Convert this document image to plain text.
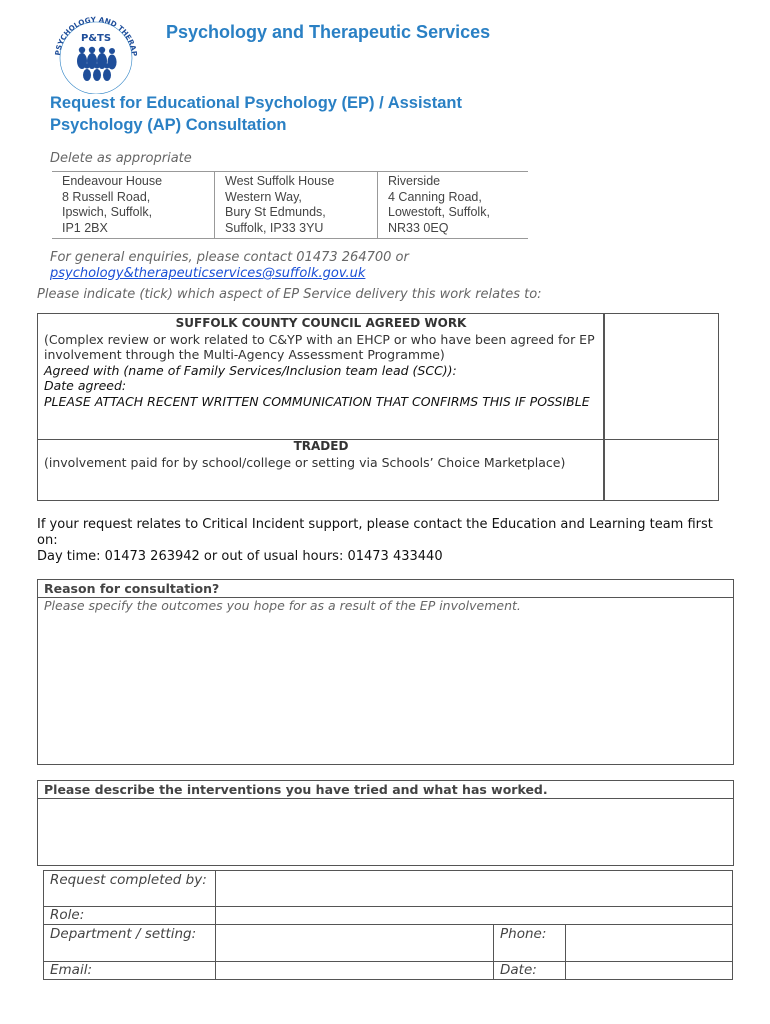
PSYCHOLOGY AND THERAP
P&TS	Psychology and Therapeutic Services
Request for Educational Psychology (EP) / Assistant
Psychology (AP) Consultation
Delete as appropriate
Endeavour House
8 Russell Road,
Ipswich, Suffolk,
IP1 2BX

West Suffolk House
Western Way,
Bury St Edmunds,
Suffolk, IP33 3YU

Riverside
4 Canning Road,
Lowestoft, Suffolk,
NR33 0EQ
For general enquiries, please contact 01473 264700 or
psychology&therapeuticservices@suffolk.gov.uk
Please indicate (tick) which aspect of EP Service delivery this work relates to:
SUFFOLK COUNTY COUNCIL AGREED WORK
(Complex review or work related to C&YP with an EHCP or who have been agreed for EP involvement through the Multi-Agency Assessment Programme)
Agreed with (name of Family Services/Inclusion team lead (SCC)):
Date agreed:
PLEASE ATTACH RECENT WRITTEN COMMUNICATION THAT CONFIRMS THIS IF POSSIBLE
TRADED
(involvement paid for by school/college or setting via Schools’ Choice Marketplace)
If your request relates to Critical Incident support, please contact the Education and Learning team first on:
Day time: 01473 263942 or out of usual hours: 01473 433440
Reason for consultation?
Please specify the outcomes you hope for as a result of the EP involvement.
Please describe the interventions you have tried and what has worked.
Request completed by:
Role:
Department / setting:	Phone:
Email:	Date:
